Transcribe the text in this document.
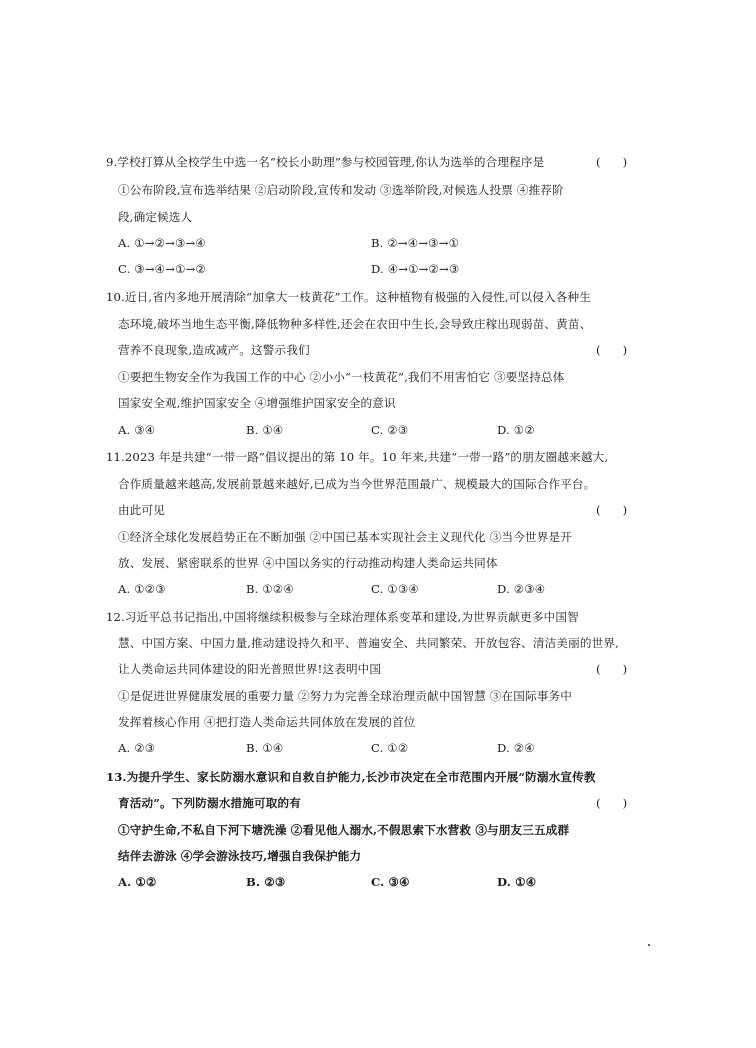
9.学校打算从全校学生中选一名“校长小助理”参与校园管理,你认为选举的合理程序是	(      )
①公布阶段,宣布选举结果 ②启动阶段,宣传和发动 ③选举阶段,对候选人投票 ④推荐阶
段,确定候选人
A. ①→②→③→④	B. ②→④→③→①
C. ③→④→①→②	D. ④→①→②→③
10.近日,省内多地开展清除“加拿大一枝黄花”工作。这种植物有极强的入侵性,可以侵入各种生
态环境,破坏当地生态平衡,降低物种多样性,还会在农田中生长,会导致庄稼出现弱苗、黄苗、
营养不良现象,造成减产。这警示我们	(      )
①要把生物安全作为我国工作的中心 ②小小“一枝黄花”,我们不用害怕它 ③要坚持总体
国家安全观,维护国家安全 ④增强维护国家安全的意识
A. ③④	B. ①④	C. ②③	D. ①②
11.2023 年是共建“一带一路”倡议提出的第 10 年。10 年来,共建“一带一路”的朋友圈越来越大,
合作质量越来越高,发展前景越来越好,已成为当今世界范围最广、规模最大的国际合作平台。
由此可见	(      )
①经济全球化发展趋势正在不断加强 ②中国已基本实现社会主义现代化 ③当今世界是开
放、发展、紧密联系的世界 ④中国以务实的行动推动构建人类命运共同体
A. ①②③	B. ①②④	C. ①③④	D. ②③④
12.习近平总书记指出,中国将继续积极参与全球治理体系变革和建设,为世界贡献更多中国智
慧、中国方案、中国力量,推动建设持久和平、普遍安全、共同繁荣、开放包容、清洁美丽的世界,
让人类命运共同体建设的阳光普照世界!这表明中国	(      )
①是促进世界健康发展的重要力量 ②努力为完善全球治理贡献中国智慧 ③在国际事务中
发挥着核心作用 ④把打造人类命运共同体放在发展的首位
A. ②③	B. ①④	C. ①②	D. ②④
13.为提升学生、家长防溺水意识和自救自护能力,长沙市决定在全市范围内开展“防溺水宣传教
育活动”。下列防溺水措施可取的有	(      )
①守护生命,不私自下河下塘洗澡 ②看见他人溺水,不假思索下水营救 ③与朋友三五成群
结伴去游泳 ④学会游泳技巧,增强自我保护能力
A. ①②	B. ②③	C. ③④	D. ①④
